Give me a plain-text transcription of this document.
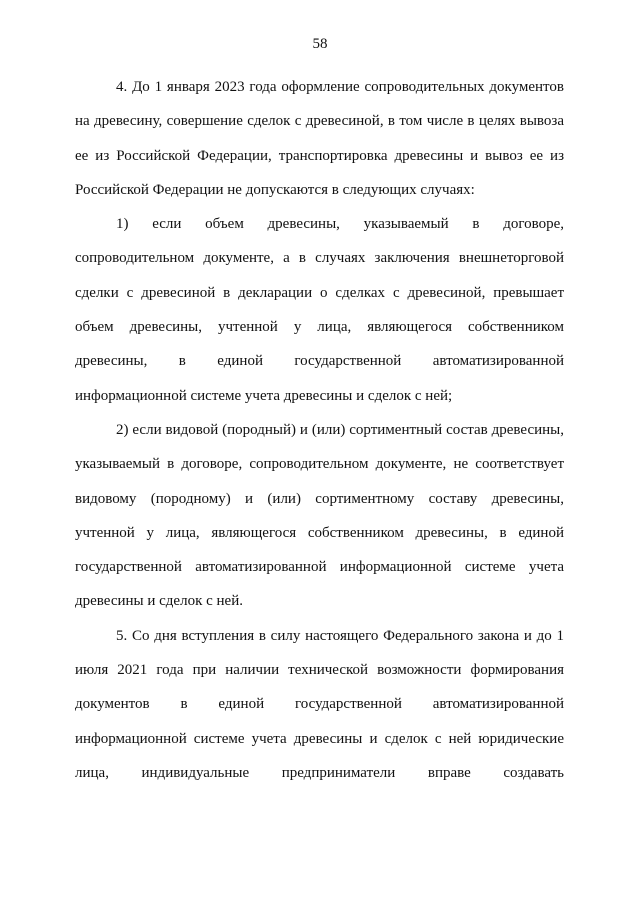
58

4. До 1 января 2023 года оформление сопроводительных документов на древесину, совершение сделок с древесиной, в том числе в целях вывоза ее из Российской Федерации, транспортировка древесины и вывоз ее из Российской Федерации не допускаются в следующих случаях:

1) если объем древесины, указываемый в договоре, сопроводительном документе, а в случаях заключения внешнеторговой сделки с древесиной в декларации о сделках с древесиной, превышает объем древесины, учтенной у лица, являющегося собственником древесины, в единой государственной автоматизированной информационной системе учета древесины и сделок с ней;

2) если видовой (породный) и (или) сортиментный состав древесины, указываемый в договоре, сопроводительном документе, не соответствует видовому (породному) и (или) сортиментному составу древесины, учтенной у лица, являющегося собственником древесины, в единой государственной автоматизированной информационной системе учета древесины и сделок с ней.

5. Со дня вступления в силу настоящего Федерального закона и до 1 июля 2021 года при наличии технической возможности формирования документов в единой государственной автоматизированной информационной системе учета древесины и сделок с ней юридические лица, индивидуальные предприниматели вправе создавать
